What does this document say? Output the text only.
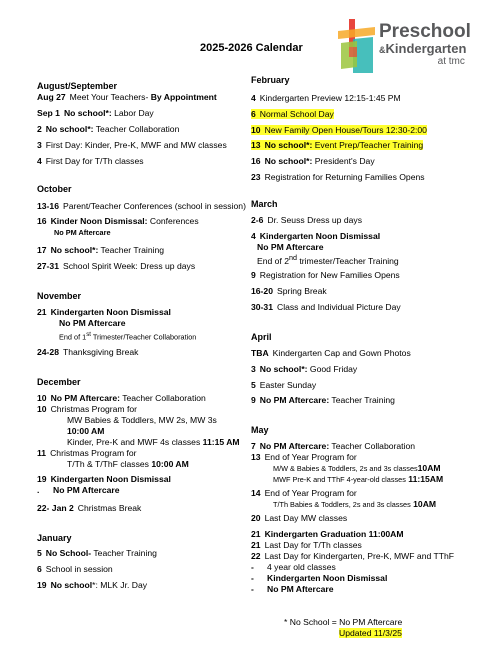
Preschool
&Kindergarten
at tmc
2025-2026 Calendar
August/September
Aug 27 Meet Your Teachers- By Appointment
Sep 1 No school*: Labor Day
2 No school*: Teacher Collaboration
3 First Day: Kinder, Pre-K, MWF and MW classes
4 First Day for T/Th classes
October
13-16 Parent/Teacher Conferences (school in session)
16 Kinder Noon Dismissal: Conferences
No PM Aftercare
17 No school*: Teacher Training
27-31 School Spirit Week: Dress up days
November
21 Kindergarten Noon Dismissal
No PM Aftercare
End of 1st Trimester/Teacher Collaboration
24-28 Thanksgiving Break
December
10 No PM Aftercare: Teacher Collaboration
10 Christmas Program for
MW Babies & Toddlers, MW 2s, MW 3s
10:00 AM
Kinder, Pre-K and MWF 4s classes 11:15 AM
11 Christmas Program for
T/Th & T/ThF classes 10:00 AM
19 Kindergarten Noon Dismissal
. No PM Aftercare
22- Jan 2 Christmas Break
January
5 No School- Teacher Training
6 School in session
19 No school*: MLK Jr. Day
February
4 Kindergarten Preview 12:15-1:45 PM
6 Normal School Day
10 New Family Open House/Tours 12:30-2:00
13 No school*: Event Prep/Teacher Training
16 No school*: President's Day
23 Registration for Returning Families Opens
March
2-6 Dr. Seuss Dress up days
4 Kindergarten Noon Dismissal
No PM Aftercare
End of 2nd trimester/Teacher Training
9 Registration for New Families Opens
16-20 Spring Break
30-31 Class and Individual Picture Day
April
TBA Kindergarten Cap and Gown Photos
3 No school*: Good Friday
5 Easter Sunday
9 No PM Aftercare: Teacher Training
May
7 No PM Aftercare: Teacher Collaboration
13 End of Year Program for
M/W & Babies & Toddlers, 2s and 3s classes10AM
MWF Pre-K and TThF 4-year-old classes 11:15AM
14 End of Year Program for
T/Th Babies & Toddlers, 2s and 3s classes 10AM
20 Last Day MW classes
21 Kindergarten Graduation 11:00AM
21 Last Day for T/Th classes
22 Last Day for Kindergarten, Pre-K, MWF and TThF
- 4 year old classes
- Kindergarten Noon Dismissal
- No PM Aftercare
* No School = No PM Aftercare
Updated 11/3/25
